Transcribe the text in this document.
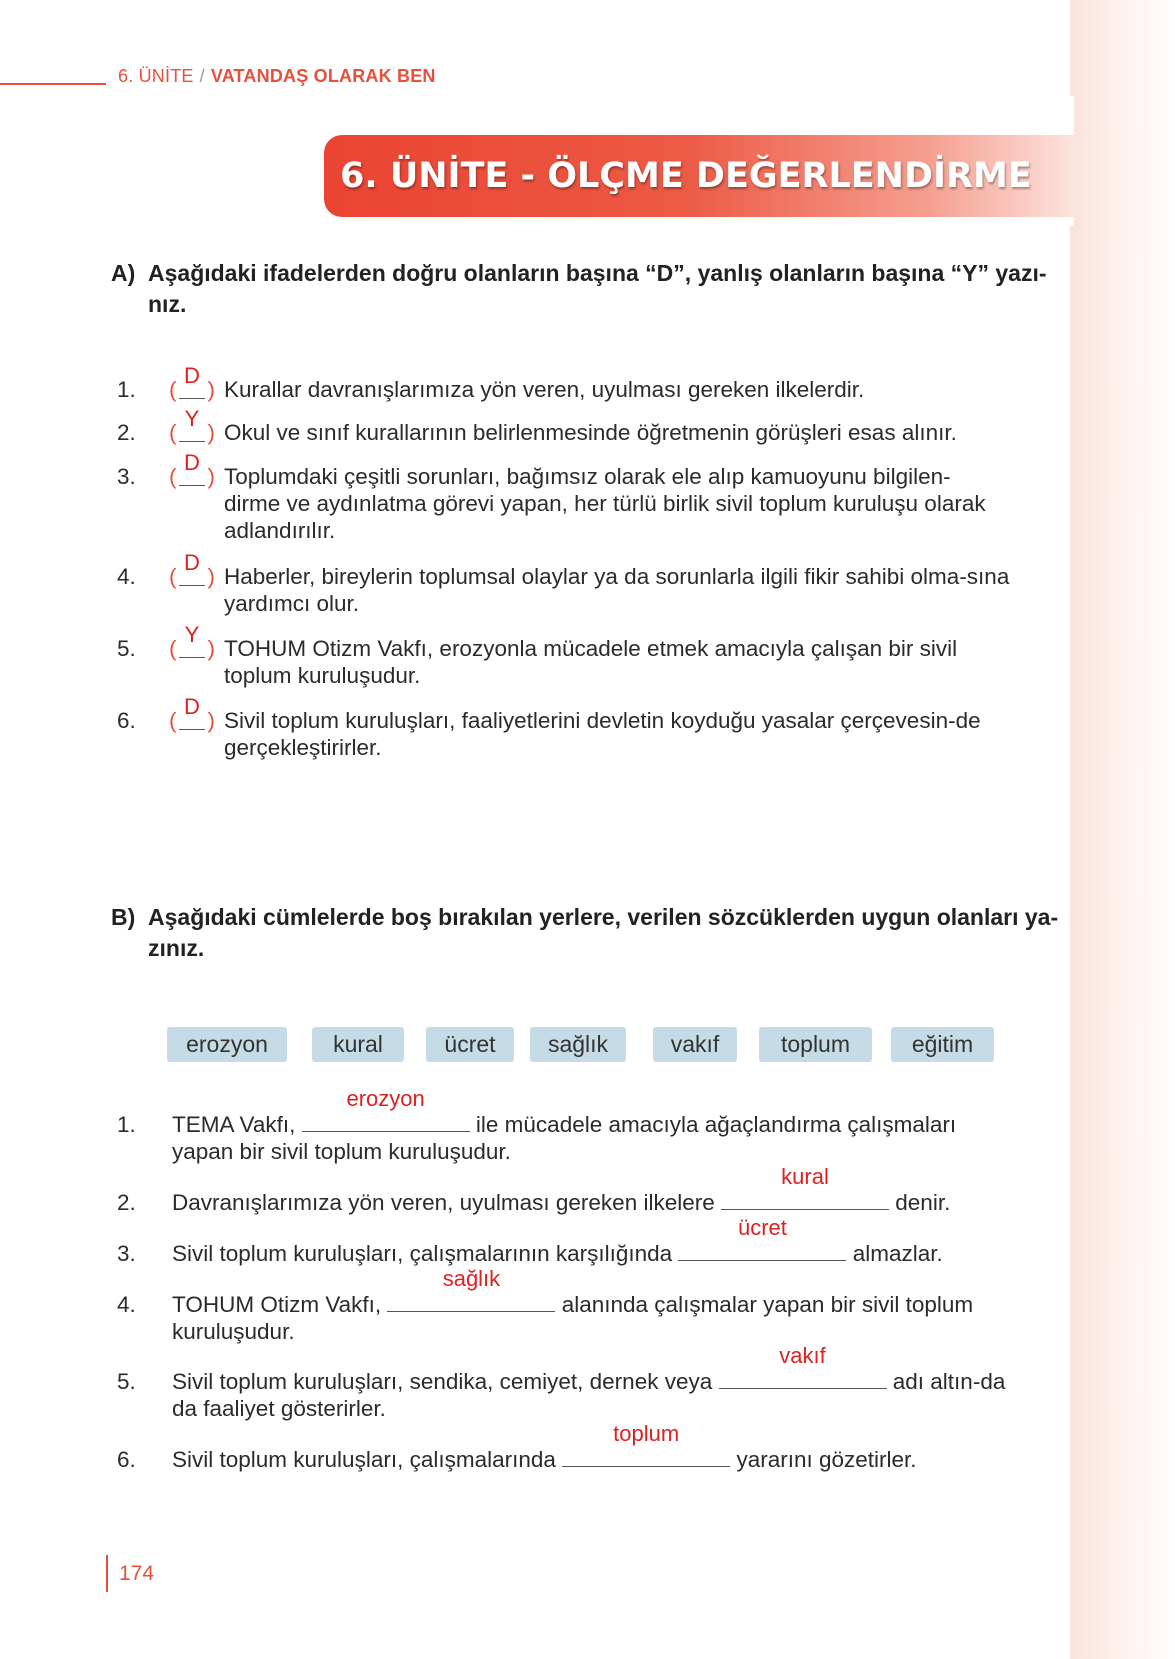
6. ÜNİTE / VATANDAŞ OLARAK BEN
6. ÜNİTE - ÖLÇME DEĞERLENDİRME
A) Aşağıdaki ifadelerden doğru olanların başına “D”, yanlış olanların başına “Y” yazı-nız.
1.	(
D
) Kurallar davranışlarımıza yön veren, uyulması gereken ilkelerdir.
2.	(
Y
) Okul ve sınıf kurallarının belirlenmesinde öğretmenin görüşleri esas alınır.
3.	(
D
) Toplumdaki çeşitli sorunları, bağımsız olarak ele alıp kamuoyunu bilgilen-dirme ve aydınlatma görevi yapan, her türlü birlik sivil toplum kuruluşu olarak adlandırılır.
4.	(
D
) Haberler, bireylerin toplumsal olaylar ya da sorunlarla ilgili fikir sahibi olma-sına yardımcı olur.
5.	(
Y
) TOHUM Otizm Vakfı, erozyonla mücadele etmek amacıyla çalışan bir sivil toplum kuruluşudur.
6.	(
D
) Sivil toplum kuruluşları, faaliyetlerini devletin koyduğu yasalar çerçevesin-de gerçekleştirirler.
B) Aşağıdaki cümlelerde boş bırakılan yerlere, verilen sözcüklerden uygun olanları ya-zınız.
erozyon	kural	ücret	sağlık	vakıf	toplum	eğitim
1.	TEMA Vakfı,
erozyon
ile mücadele amacıyla ağaçlandırma çalışmaları yapan bir sivil toplum kuruluşudur.
2.	Davranışlarımıza yön veren, uyulması gereken ilkelere
kural
denir.
3.	Sivil toplum kuruluşları, çalışmalarının karşılığında
ücret
almazlar.
4.	TOHUM Otizm Vakfı,
sağlık
alanında çalışmalar yapan bir sivil toplum kuruluşudur.
5.	Sivil toplum kuruluşları, sendika, cemiyet, dernek veya
vakıf
adı altın-da da faaliyet gösterirler.
6.	Sivil toplum kuruluşları, çalışmalarında
toplum
yararını gözetirler.
174
